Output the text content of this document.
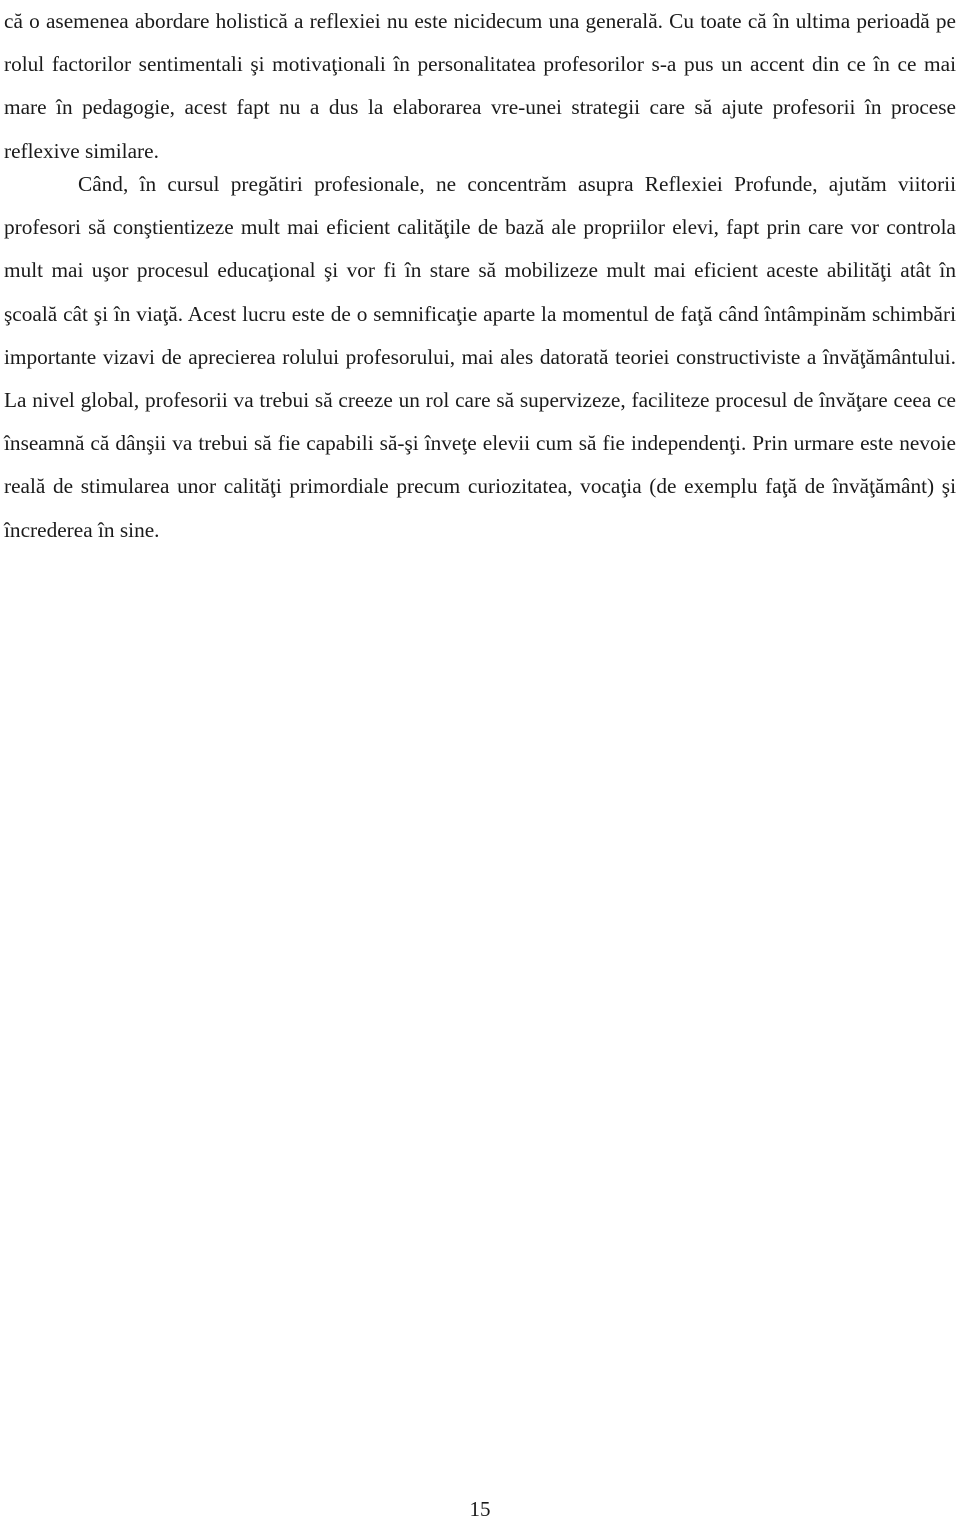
că o asemenea abordare holistică a reflexiei nu este nicidecum una generală. Cu toate că în ultima perioadă pe rolul factorilor sentimentali şi motivaţionali în personalitatea profesorilor s-a pus un accent din ce în ce mai mare în pedagogie, acest fapt nu a dus la elaborarea vre-unei strategii care să ajute profesorii în procese reflexive similare.

Când, în cursul pregătiri profesionale, ne concentrăm asupra Reflexiei Profunde, ajutăm viitorii profesori să conştientizeze mult mai eficient calităţile de bază ale propriilor elevi, fapt prin care vor controla mult mai uşor procesul educaţional şi vor fi în stare să mobilizeze mult mai eficient aceste abilităţi atât în şcoală cât şi în viaţă. Acest lucru este de o semnificaţie aparte la momentul de faţă când întâmpinăm schimbări importante vizavi de aprecierea rolului profesorului, mai ales datorată teoriei constructiviste a învăţământului. La nivel global, profesorii va trebui să creeze un rol care să supervizeze, faciliteze procesul de învăţare ceea ce înseamnă că dânşii va trebui să fie capabili să-şi înveţe elevii cum să fie independenţi. Prin urmare este nevoie reală de stimularea unor calităţi primordiale precum curiozitatea, vocaţia (de exemplu faţă de învăţământ) şi încrederea în sine.

15
